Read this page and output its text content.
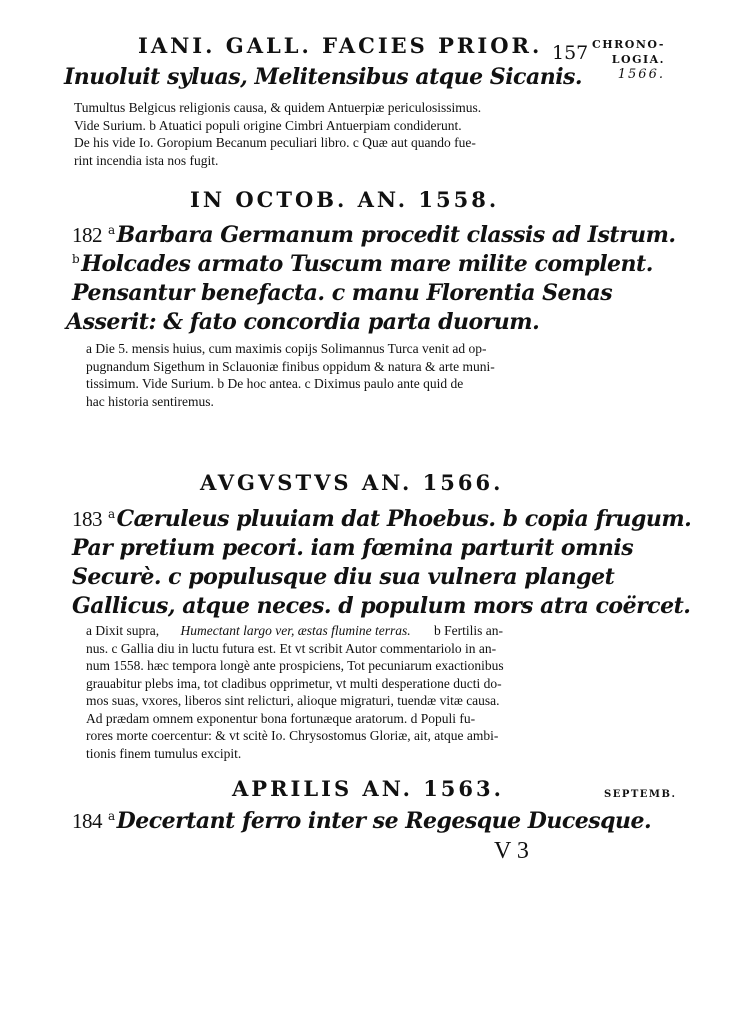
IANI. GALL. FACIES PRIOR. 157 CHRONO-
LOGIA.
1566.
Inuoluit syluas, Melitensibus atque Sicanis.
Tumultus Belgicus religionis causa, & quidem Antuerpiæ periculosissimus.
Vide Surium. b Atuatici populi origine Cimbri Antuerpiam condiderunt.
De his vide Io. Goropium Becanum peculiari libro. c Quæ aut quando fue-
rint incendia ista nos fugit.
IN OCTOB. AN. 1558.
182 $^a$Barbara Germanum procedit classis ad Istrum.
$^b$Holcades armato Tuscum mare milite complent.
Pensantur benefacta. c manu Florentia Senas
Asserit: & fato concordia parta duorum.
a Die 5. mensis huius, cum maximis copijs Solimannus Turca venit ad op-
pugnandum Sigethum in Sclauoniæ finibus oppidum & natura & arte muni-
tissimum. Vide Surium. b De hoc antea. c Diximus paulo ante quid de
hac historia sentiremus.
AVGVSTVS AN. 1566.
183 $^a$Cæruleus pluuiam dat Phoebus. b copia frugum.
Par pretium pecori. iam fœmina parturit omnis
Securè. c populusque diu sua vulnera planget
Gallicus, atque neces. d populum mors atra coërcet.
a Dixit supra, Humectant largo ver, æstas flumine terras. b Fertilis an-
nus. c Gallia diu in luctu futura est. Et vt scribit Autor commentariolo in an-
num 1558. hæc tempora longè ante prospiciens, Tot pecuniarum exactionibus
grauabitur plebs ima, tot cladibus opprimetur, vt multi desperatione ducti do-
mos suas, vxores, liberos sint relicturi, alioque migraturi, tuendæ vitæ causa.
Ad prædam omnem exponentur bona fortunæque aratorum. d Populi fu-
rores morte coercentur: & vt scitè Io. Chrysostomus Gloriæ, ait, atque ambi-
tionis finem tumulus excipit.
APRILIS AN. 1563.	SEPTEMB.
184 $^a$Decertant ferro inter se Regesque Ducesque.
V 3
